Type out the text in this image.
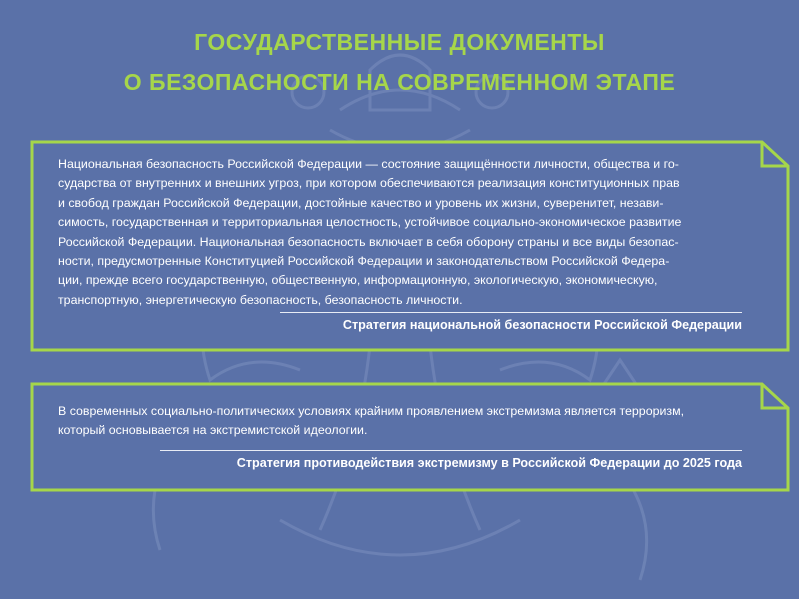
ГОСУДАРСТВЕННЫЕ ДОКУМЕНТЫ
О БЕЗОПАСНОСТИ НА СОВРЕМЕННОМ ЭТАПЕ
Национальная безопасность Российской Федерации — состояние защищённости личности, общества и го-
сударства от внутренних и внешних угроз, при котором обеспечиваются реализация конституционных прав
и свобод граждан Российской Федерации, достойные качество и уровень их жизни, суверенитет, незави-
симость, государственная и территориальная целостность, устойчивое социально-экономическое развитие
Российской Федерации. Национальная безопасность включает в себя оборону страны и все виды безопас-
ности, предусмотренные Конституцией Российской Федерации и законодательством Российской Федера-
ции, прежде всего государственную, общественную, информационную, экологическую, экономическую,
транспортную, энергетическую безопасность, безопасность личности.
Стратегия национальной безопасности Российской Федерации
В современных социально-политических условиях крайним проявлением экстремизма является терроризм,
который основывается на экстремистской идеологии.
Стратегия противодействия экстремизму в Российской Федерации до 2025 года
